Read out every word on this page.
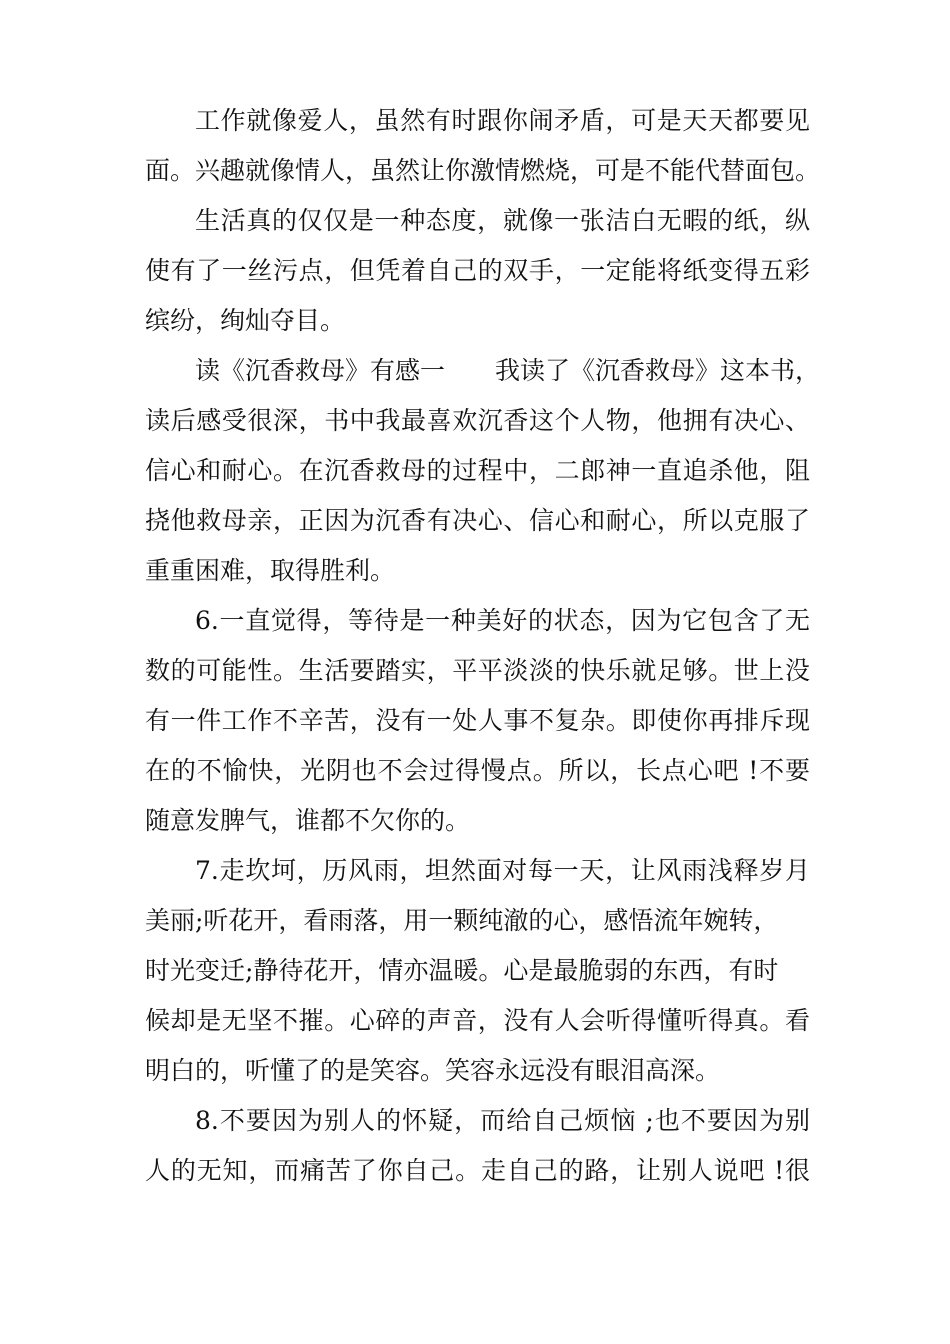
工作就像爱人，虽然有时跟你闹矛盾，可是天天都要见
面。兴趣就像情人，虽然让你激情燃烧，可是不能代替面包。
生活真的仅仅是一种态度，就像一张洁白无暇的纸，纵
使有了一丝污点，但凭着自己的双手，一定能将纸变得五彩
缤纷，绚灿夺目。
读《沉香救母》有感一 我读了《沉香救母》这本书，
读后感受很深，书中我最喜欢沉香这个人物，他拥有决心、
信心和耐心。在沉香救母的过程中，二郎神一直追杀他，阻
挠他救母亲，正因为沉香有决心、信心和耐心，所以克服了
重重困难，取得胜利。
6.一直觉得，等待是一种美好的状态，因为它包含了无
数的可能性。生活要踏实，平平淡淡的快乐就足够。世上没
有一件工作不辛苦，没有一处人事不复杂。即使你再排斥现
在的不愉快，光阴也不会过得慢点。所以，长点心吧 !不要
随意发脾气，谁都不欠你的。
7.走坎坷，历风雨，坦然面对每一天，让风雨浅释岁月
美丽;听花开，看雨落，用一颗纯澈的心，感悟流年婉转，
时光变迁;静待花开，情亦温暖。心是最脆弱的东西，有时
候却是无坚不摧。心碎的声音，没有人会听得懂听得真。看
明白的，听懂了的是笑容。笑容永远没有眼泪高深。
8.不要因为别人的怀疑，而给自己烦恼 ;也不要因为别
人的无知，而痛苦了你自己。走自己的路，让别人说吧 !很
